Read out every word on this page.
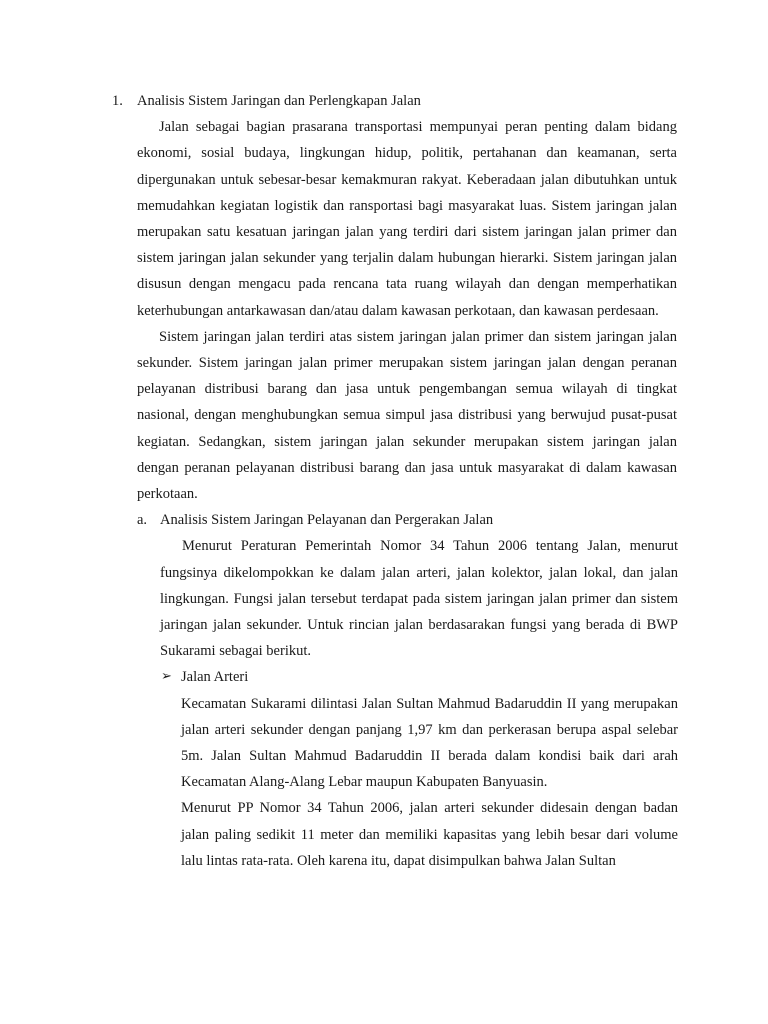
1. Analisis Sistem Jaringan dan Perlengkapan Jalan

Jalan sebagai bagian prasarana transportasi mempunyai peran penting dalam bidang ekonomi, sosial budaya, lingkungan hidup, politik, pertahanan dan keamanan, serta dipergunakan untuk sebesar-besar kemakmuran rakyat. Keberadaan jalan dibutuhkan untuk memudahkan kegiatan logistik dan ransportasi bagi masyarakat luas. Sistem jaringan jalan merupakan satu kesatuan jaringan jalan yang terdiri dari sistem jaringan jalan primer dan sistem jaringan jalan sekunder yang terjalin dalam hubungan hierarki. Sistem jaringan jalan disusun dengan mengacu pada rencana tata ruang wilayah dan dengan memperhatikan keterhubungan antarkawasan dan/atau dalam kawasan perkotaan, dan kawasan perdesaan.

Sistem jaringan jalan terdiri atas sistem jaringan jalan primer dan sistem jaringan jalan sekunder. Sistem jaringan jalan primer merupakan sistem jaringan jalan dengan peranan pelayanan distribusi barang dan jasa untuk pengembangan semua wilayah di tingkat nasional, dengan menghubungkan semua simpul jasa distribusi yang berwujud pusat-pusat kegiatan. Sedangkan, sistem jaringan jalan sekunder merupakan sistem jaringan jalan dengan peranan pelayanan distribusi barang dan jasa untuk masyarakat di dalam kawasan perkotaan.

a. Analisis Sistem Jaringan Pelayanan dan Pergerakan Jalan

Menurut Peraturan Pemerintah Nomor 34 Tahun 2006 tentang Jalan, menurut fungsinya dikelompokkan ke dalam jalan arteri, jalan kolektor, jalan lokal, dan jalan lingkungan. Fungsi jalan tersebut terdapat pada sistem jaringan jalan primer dan sistem jaringan jalan sekunder. Untuk rincian jalan berdasarakan fungsi yang berada di BWP Sukarami sebagai berikut.

➢ Jalan Arteri

Kecamatan Sukarami dilintasi Jalan Sultan Mahmud Badaruddin II yang merupakan jalan arteri sekunder dengan panjang 1,97 km dan perkerasan berupa aspal selebar 5m. Jalan Sultan Mahmud Badaruddin II berada dalam kondisi baik dari arah Kecamatan Alang-Alang Lebar maupun Kabupaten Banyuasin.

Menurut PP Nomor 34 Tahun 2006, jalan arteri sekunder didesain dengan badan jalan paling sedikit 11 meter dan memiliki kapasitas yang lebih besar dari volume lalu lintas rata-rata. Oleh karena itu, dapat disimpulkan bahwa Jalan Sultan
